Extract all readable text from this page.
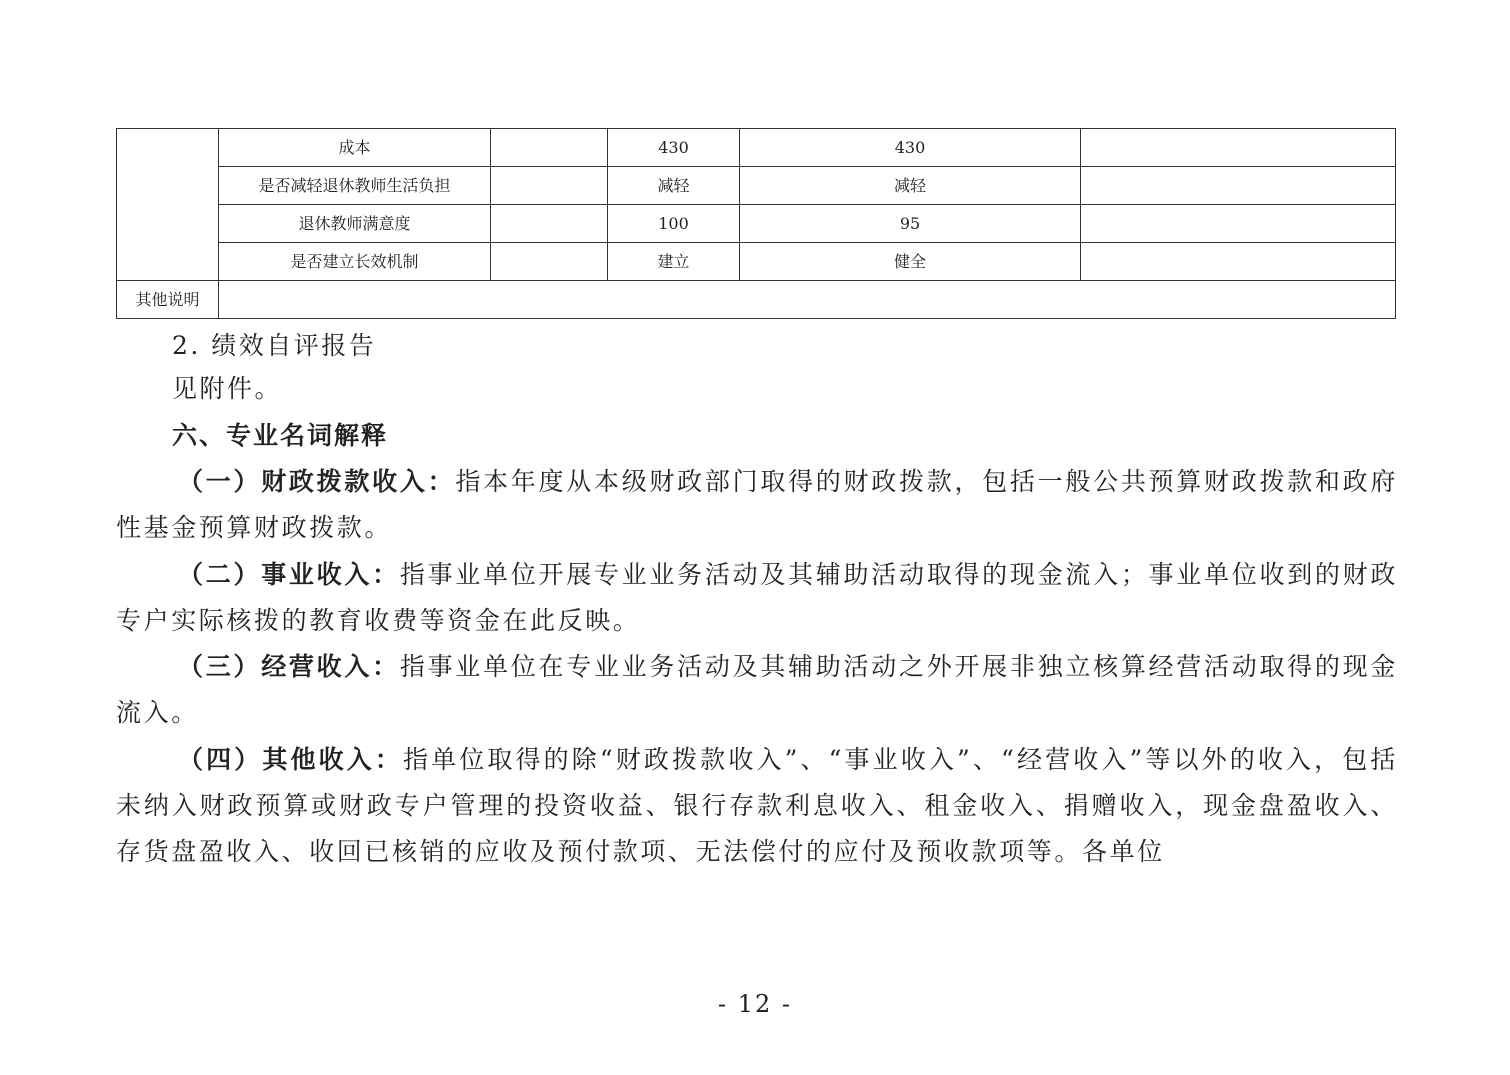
	成本		430	430	
	是否减轻退休教师生活负担		减轻	减轻	
	退休教师满意度		100	95	
	是否建立长效机制		建立	健全	
其他说明					

2. 绩效自评报告

见附件。

六、专业名词解释

（一）财政拨款收入：指本年度从本级财政部门取得的财政拨款，包括一般公共预算财政拨款和政府性基金预算财政拨款。

（二）事业收入：指事业单位开展专业业务活动及其辅助活动取得的现金流入；事业单位收到的财政专户实际核拨的教育收费等资金在此反映。

（三）经营收入：指事业单位在专业业务活动及其辅助活动之外开展非独立核算经营活动取得的现金流入。

（四）其他收入：指单位取得的除“财政拨款收入”、“事业收入”、“经营收入”等以外的收入，包括未纳入财政预算或财政专户管理的投资收益、银行存款利息收入、租金收入、捐赠收入，现金盘盈收入、存货盘盈收入、收回已核销的应收及预付款项、无法偿付的应付及预收款项等。各单位

- 12 -
